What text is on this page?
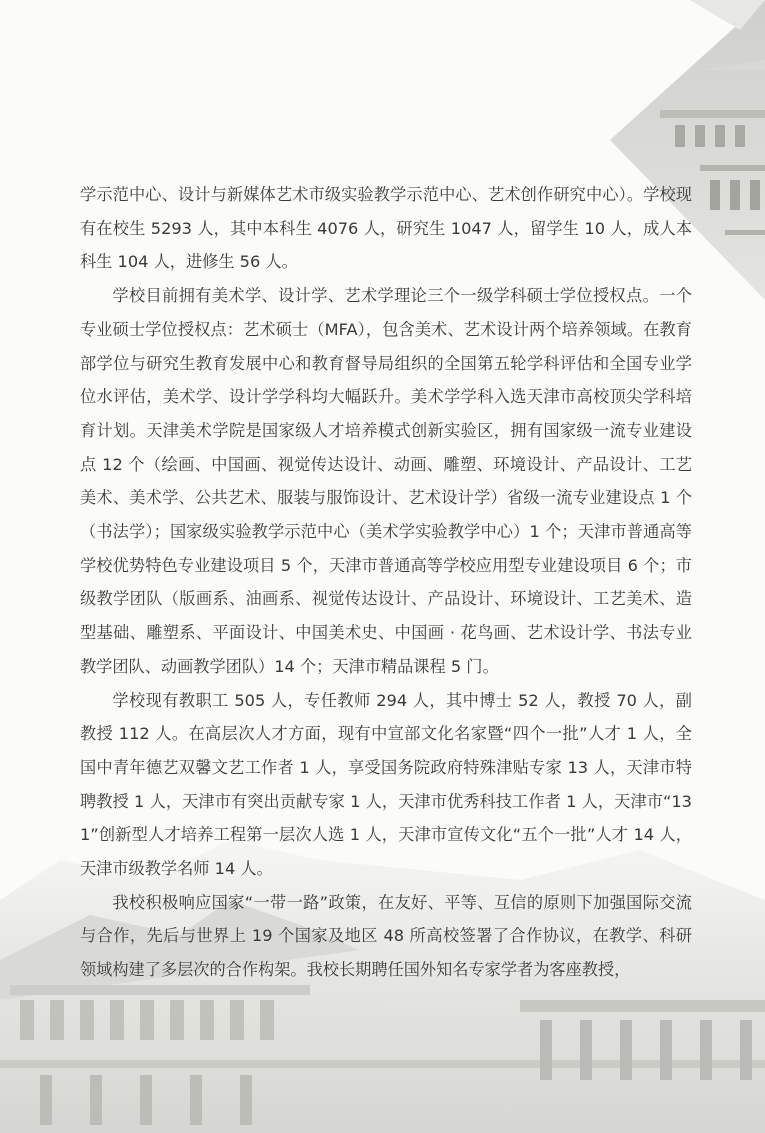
学示范中心、设计与新媒体艺术市级实验教学示范中心、艺术创作研究中心）。学校现有在校生 5293 人，其中本科生 4076 人，研究生 1047 人，留学生 10 人，成人本科生 104 人，进修生 56 人。

学校目前拥有美术学、设计学、艺术学理论三个一级学科硕士学位授权点。一个专业硕士学位授权点：艺术硕士（MFA），包含美术、艺术设计两个培养领域。在教育部学位与研究生教育发展中心和教育督导局组织的全国第五轮学科评估和全国专业学位水评估，美术学、设计学学科均大幅跃升。美术学学科入选天津市高校顶尖学科培育计划。天津美术学院是国家级人才培养模式创新实验区，拥有国家级一流专业建设点 12 个（绘画、中国画、视觉传达设计、动画、雕塑、环境设计、产品设计、工艺美术、美术学、公共艺术、服装与服饰设计、艺术设计学）省级一流专业建设点 1 个（书法学）；国家级实验教学示范中心（美术学实验教学中心）1 个；天津市普通高等学校优势特色专业建设项目 5 个，天津市普通高等学校应用型专业建设项目 6 个；市级教学团队（版画系、油画系、视觉传达设计、产品设计、环境设计、工艺美术、造型基础、雕塑系、平面设计、中国美术史、中国画 · 花鸟画、艺术设计学、书法专业教学团队、动画教学团队）14 个；天津市精品课程 5 门。

学校现有教职工 505 人，专任教师 294 人，其中博士 52 人，教授 70 人，副教授 112 人。在高层次人才方面，现有中宣部文化名家暨“四个一批”人才 1 人，全国中青年德艺双馨文艺工作者 1 人，享受国务院政府特殊津贴专家 13 人，天津市特聘教授 1 人，天津市有突出贡献专家 1 人，天津市优秀科技工作者 1 人，天津市“131”创新型人才培养工程第一层次人选 1 人，天津市宣传文化“五个一批”人才 14 人，天津市级教学名师 14 人。

我校积极响应国家“一带一路”政策，在友好、平等、互信的原则下加强国际交流与合作，先后与世界上 19 个国家及地区 48 所高校签署了合作协议，在教学、科研领域构建了多层次的合作构架。我校长期聘任国外知名专家学者为客座教授，
